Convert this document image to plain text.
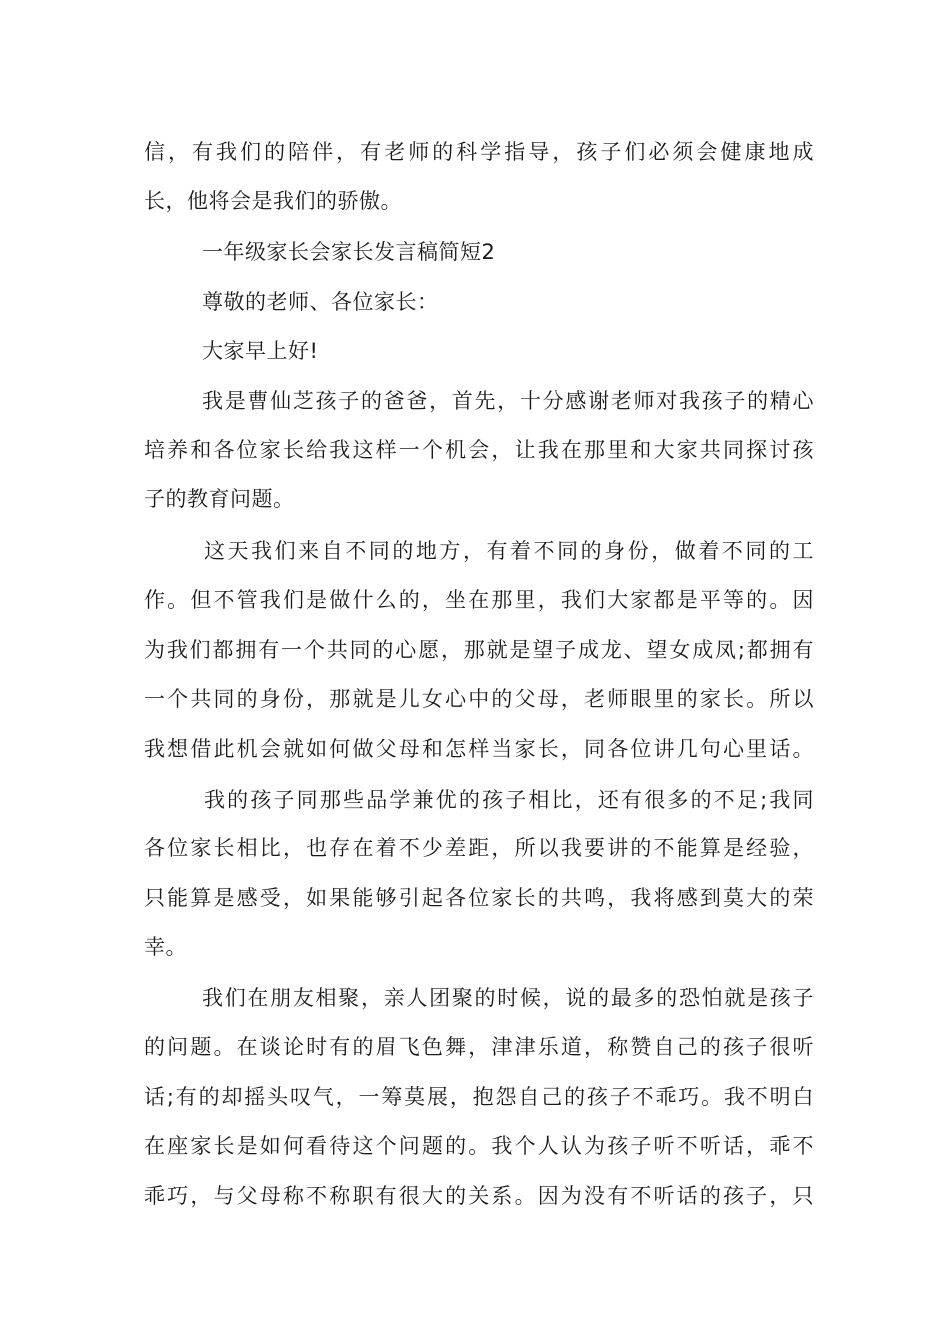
信，有我们的陪伴，有老师的科学指导，孩子们必须会健康地成
长，他将会是我们的骄傲。
一年级家长会家长发言稿简短2
尊敬的老师、各位家长：
大家早上好!
我是曹仙芝孩子的爸爸，首先，十分感谢老师对我孩子的精心
培养和各位家长给我这样一个机会，让我在那里和大家共同探讨孩
子的教育问题。
这天我们来自不同的地方，有着不同的身份，做着不同的工
作。但不管我们是做什么的，坐在那里，我们大家都是平等的。因
为我们都拥有一个共同的心愿，那就是望子成龙、望女成凤;都拥有
一个共同的身份，那就是儿女心中的父母，老师眼里的家长。所以
我想借此机会就如何做父母和怎样当家长，同各位讲几句心里话。
我的孩子同那些品学兼优的孩子相比，还有很多的不足;我同
各位家长相比，也存在着不少差距，所以我要讲的不能算是经验，
只能算是感受，如果能够引起各位家长的共鸣，我将感到莫大的荣
幸。
我们在朋友相聚，亲人团聚的时候，说的最多的恐怕就是孩子
的问题。在谈论时有的眉飞色舞，津津乐道，称赞自己的孩子很听
话;有的却摇头叹气，一筹莫展，抱怨自己的孩子不乖巧。我不明白
在座家长是如何看待这个问题的。我个人认为孩子听不听话，乖不
乖巧，与父母称不称职有很大的关系。因为没有不听话的孩子，只
